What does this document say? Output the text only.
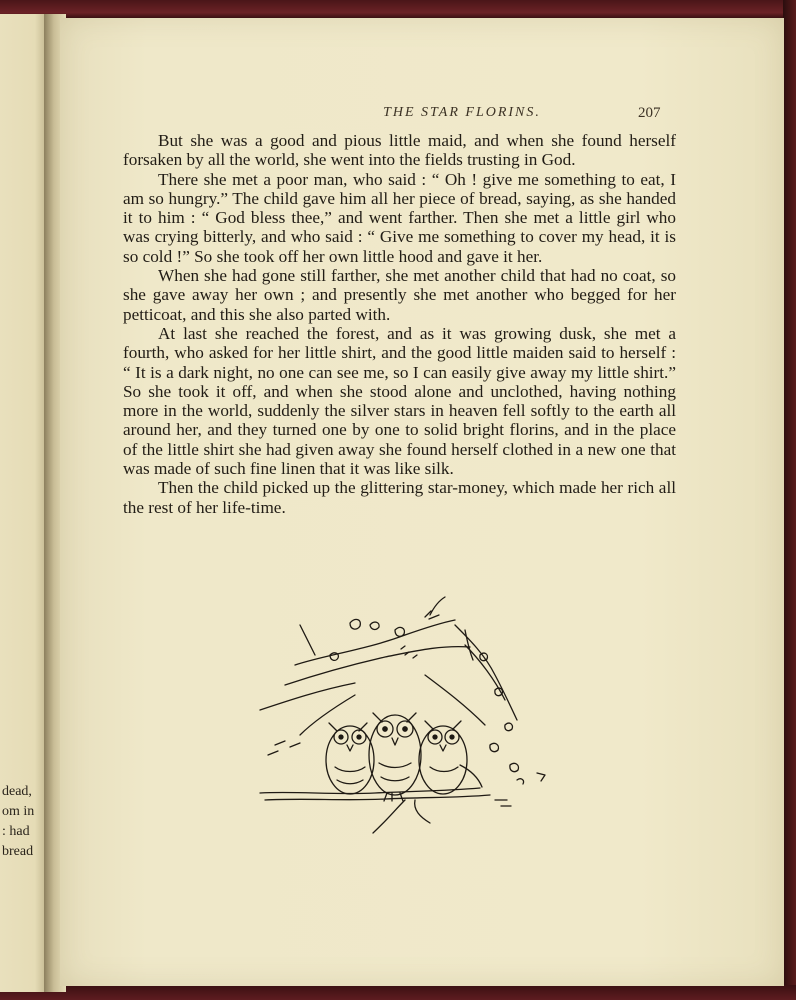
dead,
om in
: had
bread
THE STAR FLORINS.	207

But she was a good and pious little maid, and when she found herself forsaken by all the world, she went into the fields trusting in God.

There she met a poor man, who said : “ Oh ! give me something to eat, I am so hungry.” The child gave him all her piece of bread, saying, as she handed it to him : “ God bless thee,” and went farther. Then she met a little girl who was crying bitterly, and who said : “ Give me something to cover my head, it is so cold !” So she took off her own little hood and gave it her.

When she had gone still farther, she met another child that had no coat, so she gave away her own ; and presently she met another who begged for her petticoat, and this she also parted with.

At last she reached the forest, and as it was growing dusk, she met a fourth, who asked for her little shirt, and the good little maiden said to herself : “ It is a dark night, no one can see me, so I can easily give away my little shirt.” So she took it off, and when she stood alone and unclothed, having nothing more in the world, suddenly the silver stars in heaven fell softly to the earth all around her, and they turned one by one to solid bright florins, and in the place of the little shirt she had given away she found herself clothed in a new one that was made of such fine linen that it was like silk.

Then the child picked up the glittering star-money, which made her rich all the rest of her life-time.
